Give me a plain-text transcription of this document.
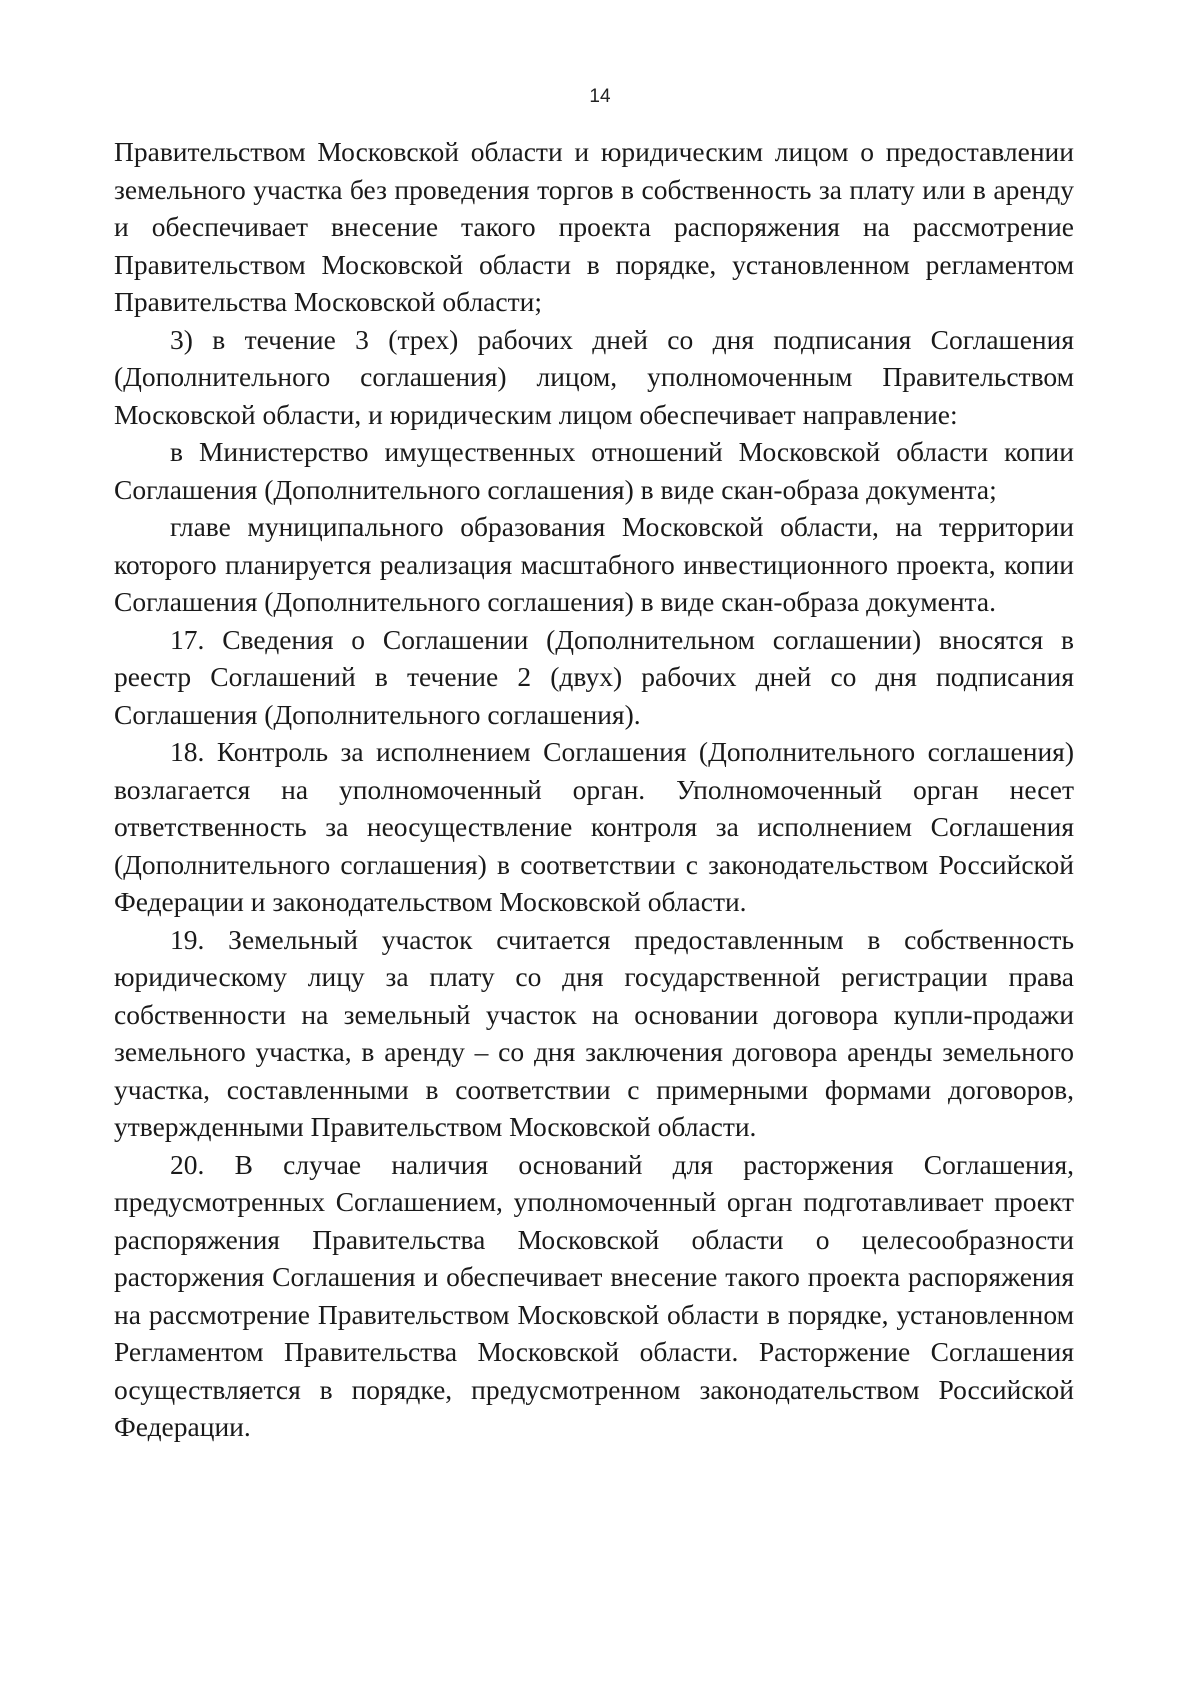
14

Правительством Московской области и юридическим лицом о предоставлении земельного участка без проведения торгов в собственность за плату или в аренду и обеспечивает внесение такого проекта распоряжения на рассмотрение Правительством Московской области в порядке, установленном регламентом Правительства Московской области;

3) в течение 3 (трех) рабочих дней со дня подписания Соглашения (Дополнительного соглашения) лицом, уполномоченным Правительством Московской области, и юридическим лицом обеспечивает направление:

в Министерство имущественных отношений Московской области копии Соглашения (Дополнительного соглашения) в виде скан-образа документа;

главе муниципального образования Московской области, на территории которого планируется реализация масштабного инвестиционного проекта, копии Соглашения (Дополнительного соглашения) в виде скан-образа документа.

17. Сведения о Соглашении (Дополнительном соглашении) вносятся в реестр Соглашений в течение 2 (двух) рабочих дней со дня подписания Соглашения (Дополнительного соглашения).

18. Контроль за исполнением Соглашения (Дополнительного соглашения) возлагается на уполномоченный орган. Уполномоченный орган несет ответственность за неосуществление контроля за исполнением Соглашения (Дополнительного соглашения) в соответствии с законодательством Российской Федерации и законодательством Московской области.

19. Земельный участок считается предоставленным в собственность юридическому лицу за плату со дня государственной регистрации права собственности на земельный участок на основании договора купли-продажи земельного участка, в аренду – со дня заключения договора аренды земельного участка, составленными в соответствии с примерными формами договоров, утвержденными Правительством Московской области.

20. В случае наличия оснований для расторжения Соглашения, предусмотренных Соглашением, уполномоченный орган подготавливает проект распоряжения Правительства Московской области о целесообразности расторжения Соглашения и обеспечивает внесение такого проекта распоряжения на рассмотрение Правительством Московской области в порядке, установленном Регламентом Правительства Московской области. Расторжение Соглашения осуществляется в порядке, предусмотренном законодательством Российской Федерации.
